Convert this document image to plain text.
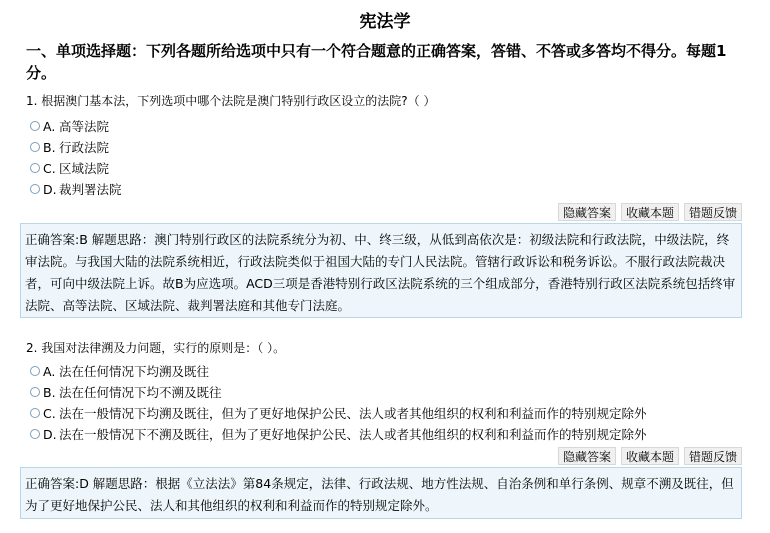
宪法学
一、单项选择题：下列各题所给选项中只有一个符合题意的正确答案，答错、不答或多答均不得分。每题1分。
1. 根据澳门基本法，下列选项中哪个法院是澳门特别行政区设立的法院?（ ）
A. 高等法院
B. 行政法院
C. 区域法院
D. 裁判署法院
隐藏答案	收藏本题	错题反馈
正确答案:B 解题思路：澳门特别行政区的法院系统分为初、中、终三级，从低到高依次是：初级法院和行政法院，中级法院，终审法院。与我国大陆的法院系统相近，行政法院类似于祖国大陆的专门人民法院。管辖行政诉讼和税务诉讼。不服行政法院裁决者，可向中级法院上诉。故B为应选项。ACD三项是香港特别行政区法院系统的三个组成部分，香港特别行政区法院系统包括终审法院、高等法院、区域法院、裁判署法庭和其他专门法庭。
2. 我国对法律溯及力问题，实行的原则是：（ ）。
A. 法在任何情况下均溯及既往
B. 法在任何情况下均不溯及既往
C. 法在一般情况下均溯及既往，但为了更好地保护公民、法人或者其他组织的权利和利益而作的特别规定除外
D. 法在一般情况下不溯及既往，但为了更好地保护公民、法人或者其他组织的权利和利益而作的特别规定除外
隐藏答案	收藏本题	错题反馈
正确答案:D 解题思路：根据《立法法》第84条规定，法律、行政法规、地方性法规、自治条例和单行条例、规章不溯及既往，但为了更好地保护公民、法人和其他组织的权利和利益而作的特别规定除外。
